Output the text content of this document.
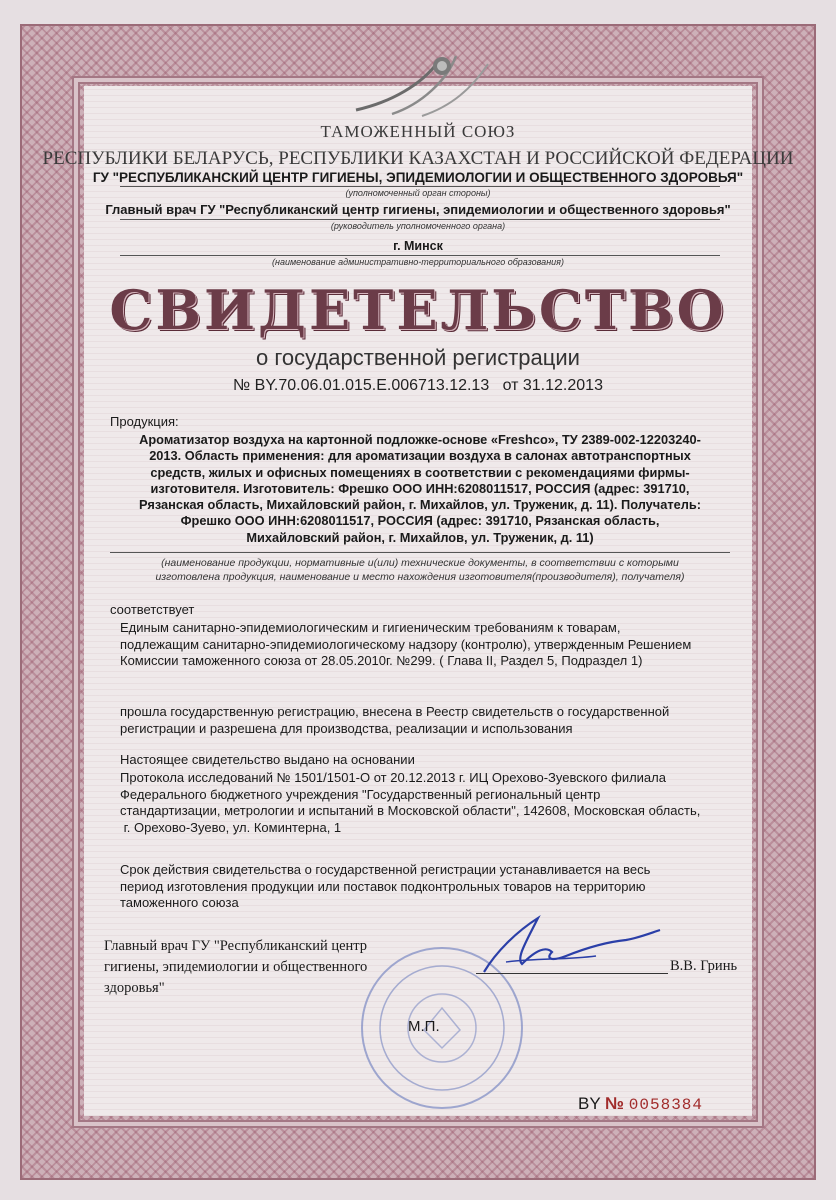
ТАМОЖЕННЫЙ СОЮЗ
РЕСПУБЛИКИ БЕЛАРУСЬ, РЕСПУБЛИКИ КАЗАХСТАН И РОССИЙСКОЙ ФЕДЕРАЦИИ
ГУ "РЕСПУБЛИКАНСКИЙ ЦЕНТР ГИГИЕНЫ, ЭПИДЕМИОЛОГИИ И ОБЩЕСТВЕННОГО ЗДОРОВЬЯ"
(уполномоченный орган стороны)
Главный врач ГУ "Республиканский центр гигиены, эпидемиологии и общественного здоровья"
(руководитель уполномоченного органа)
г. Минск
(наименование административно-территориального образования)
СВИДЕТЕЛЬСТВО
о государственной регистрации
№ BY.70.06.01.015.E.006713.12.13   от 31.12.2013
Продукция:
Ароматизатор воздуха на картонной подложке-основе «Freshco», ТУ 2389-002-12203240-
2013. Область применения: для ароматизации воздуха в салонах автотранспортных
средств, жилых и офисных помещениях в соответствии с рекомендациями фирмы-
изготовителя. Изготовитель: Фрешко ООО ИНН:6208011517, РОССИЯ (адрес: 391710,
Рязанская область, Михайловский район, г. Михайлов, ул. Труженик, д. 11). Получатель:
Фрешко ООО ИНН:6208011517, РОССИЯ (адрес: 391710, Рязанская область,
Михайловский район, г. Михайлов, ул. Труженик, д. 11)
(наименование продукции, нормативные и(или) технические документы, в соответствии с которыми
изготовлена продукция, наименование и место нахождения изготовителя(производителя), получателя)
соответствует
Единым санитарно-эпидемиологическим и гигиеническим требованиям к товарам,
подлежащим санитарно-эпидемиологическому надзору (контролю), утвержденным Решением
Комиссии таможенного союза от 28.05.2010г. №299. ( Глава II, Раздел 5, Подраздел 1)
прошла государственную регистрацию, внесена в Реестр свидетельств о государственной
регистрации и разрешена для производства, реализации и использования
Настоящее свидетельство выдано на основании
Протокола исследований № 1501/1501-О от 20.12.2013 г. ИЦ Орехово-Зуевского филиала
Федерального бюджетного учреждения "Государственный региональный центр
стандартизации, метрологии и испытаний в Московской области", 142608, Московская область,
г. Орехово-Зуево, ул. Коминтерна, 1
Срок действия свидетельства о государственной регистрации устанавливается на весь
период изготовления продукции или поставок подконтрольных товаров на территорию
таможенного союза
Главный врач ГУ "Республиканский центр
гигиены, эпидемиологии и общественного
здоровья"
В.В. Гринь
М.П.
BY № 0058384
